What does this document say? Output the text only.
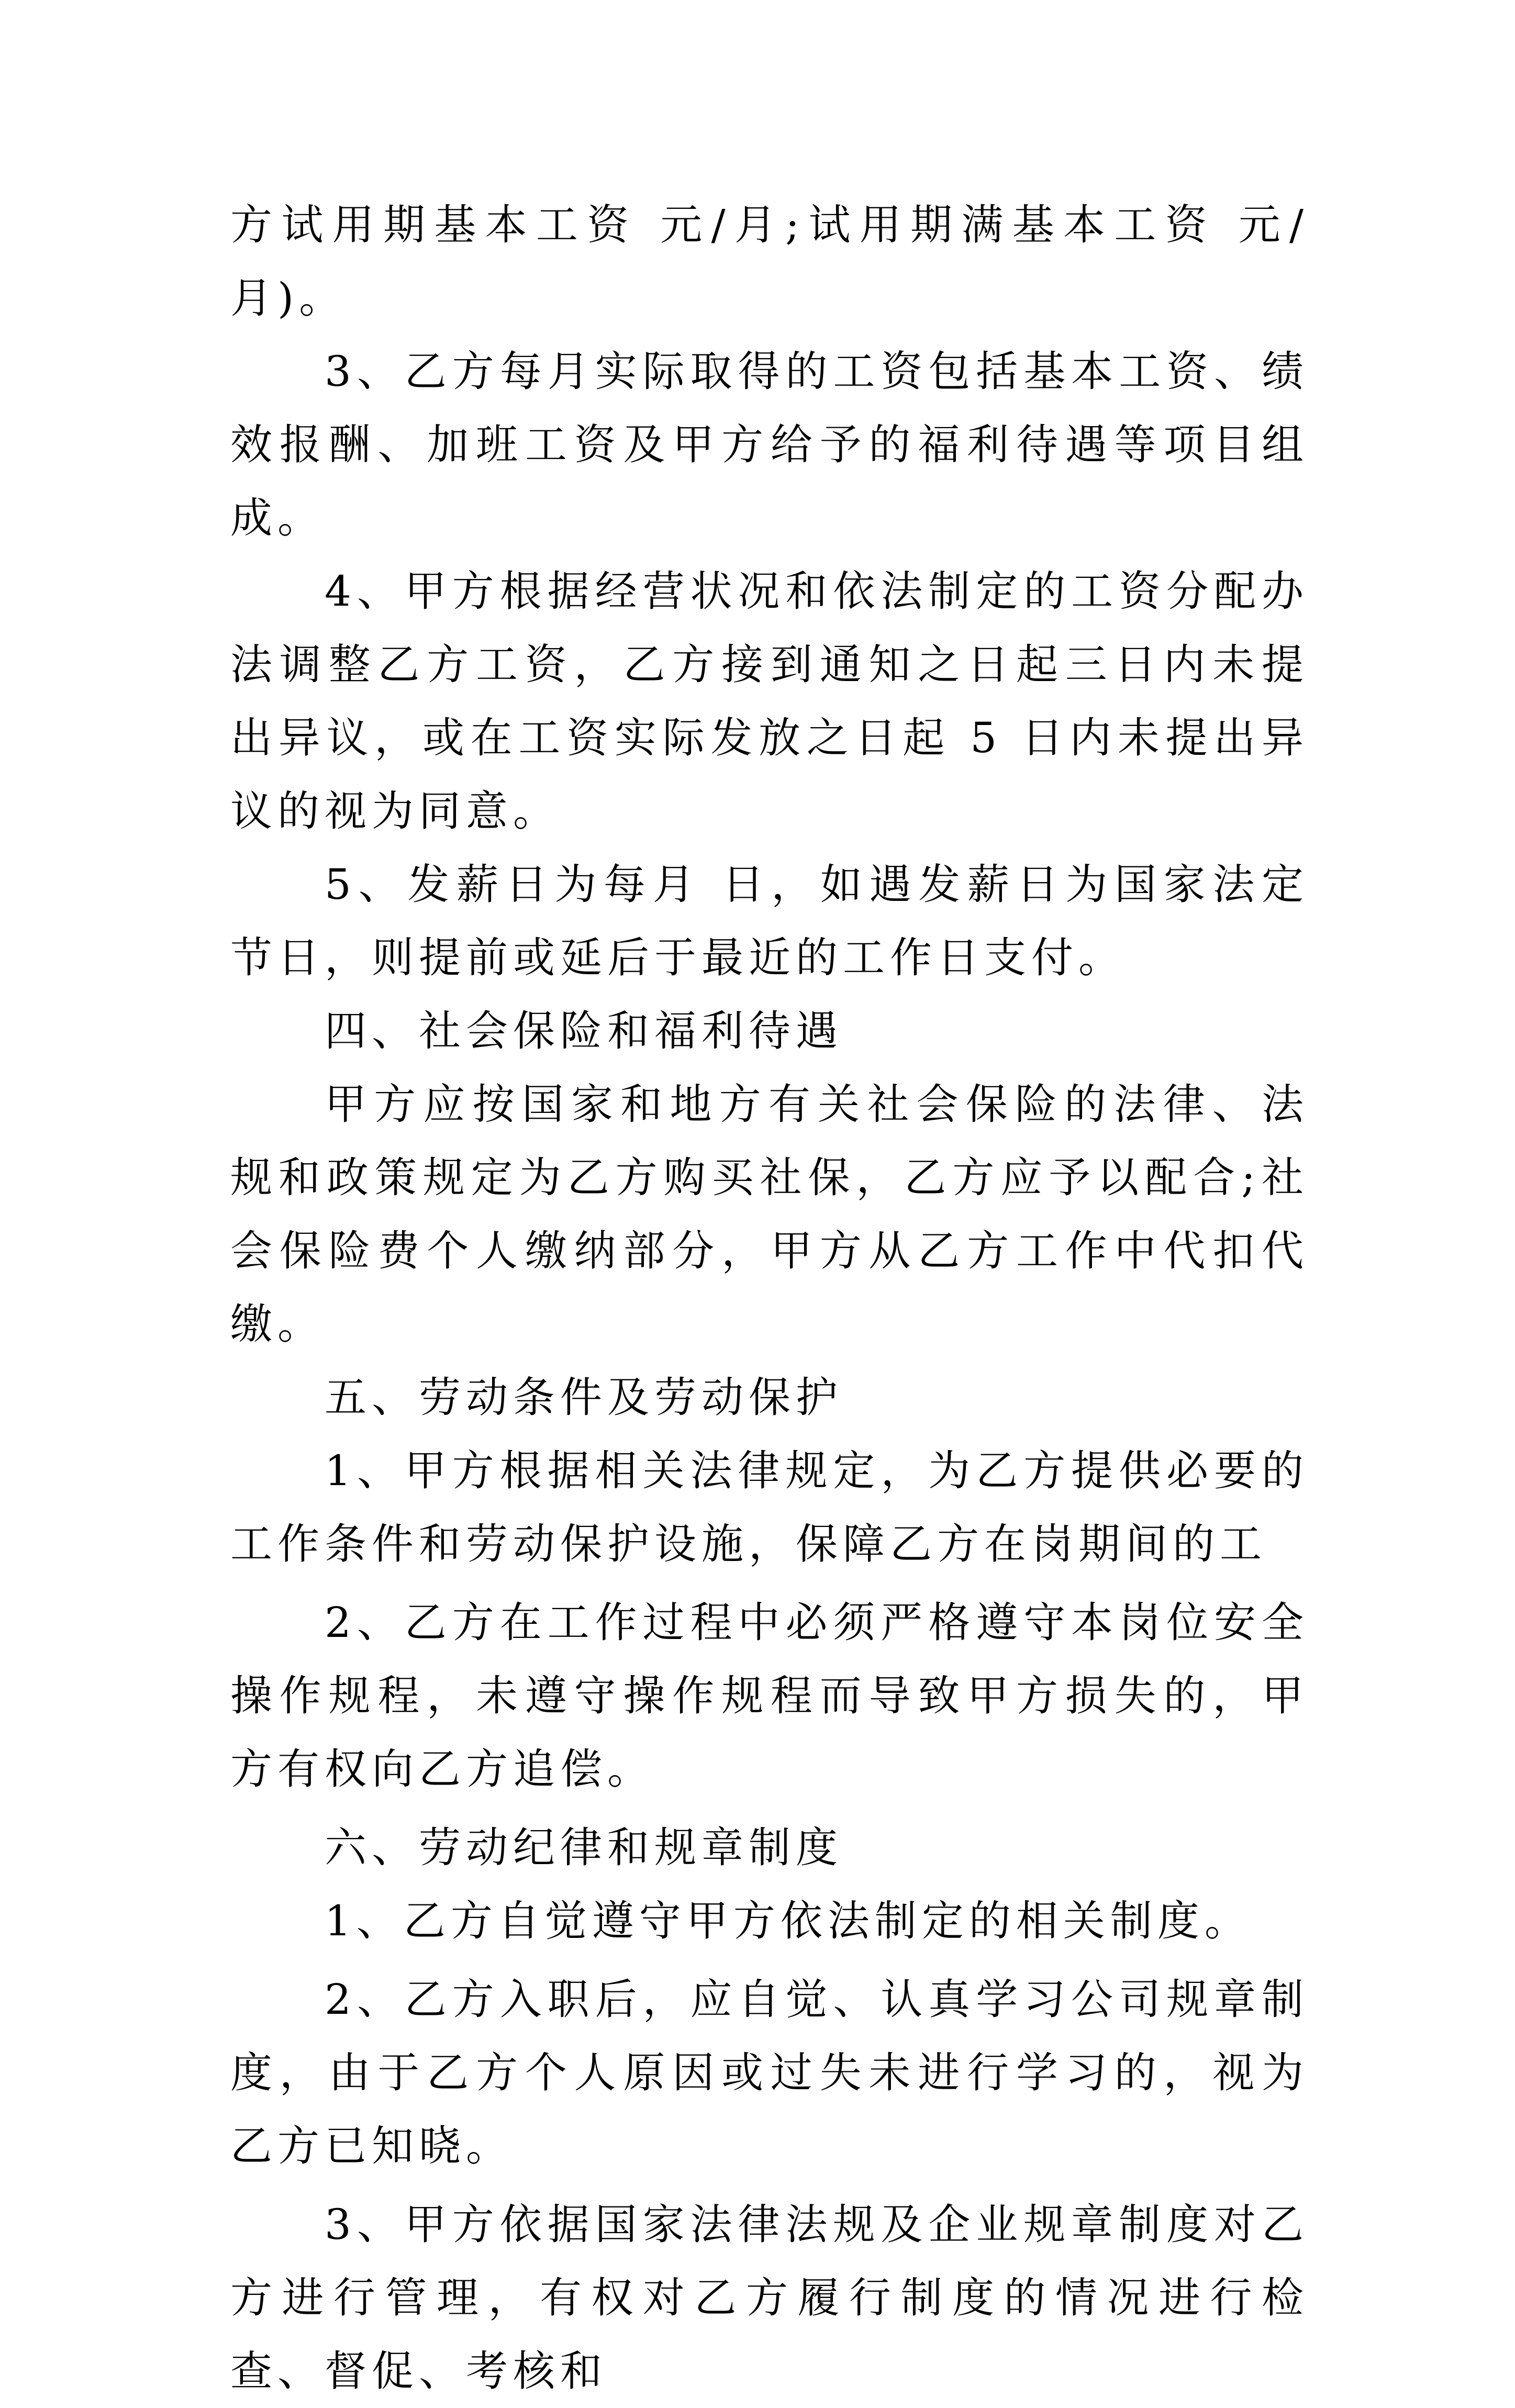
方试用期基本工资 元/月;试用期满基本工资 元/月)。

3、乙方每月实际取得的工资包括基本工资、绩效报酬、加班工资及甲方给予的福利待遇等项目组成。

4、甲方根据经营状况和依法制定的工资分配办法调整乙方工资，乙方接到通知之日起三日内未提出异议，或在工资实际发放之日起 5 日内未提出异议的视为同意。

5、发薪日为每月 日，如遇发薪日为国家法定节日，则提前或延后于最近的工作日支付。

四、社会保险和福利待遇

甲方应按国家和地方有关社会保险的法律、法规和政策规定为乙方购买社保，乙方应予以配合;社会保险费个人缴纳部分，甲方从乙方工作中代扣代缴。

五、劳动条件及劳动保护

1、甲方根据相关法律规定，为乙方提供必要的工作条件和劳动保护设施，保障乙方在岗期间的工

2、乙方在工作过程中必须严格遵守本岗位安全操作规程，未遵守操作规程而导致甲方损失的，甲方有权向乙方追偿。

六、劳动纪律和规章制度

1、乙方自觉遵守甲方依法制定的相关制度。

2、乙方入职后，应自觉、认真学习公司规章制度，由于乙方个人原因或过失未进行学习的，视为乙方已知晓。

3、甲方依据国家法律法规及企业规章制度对乙方进行管理，有权对乙方履行制度的情况进行检查、督促、考核和
